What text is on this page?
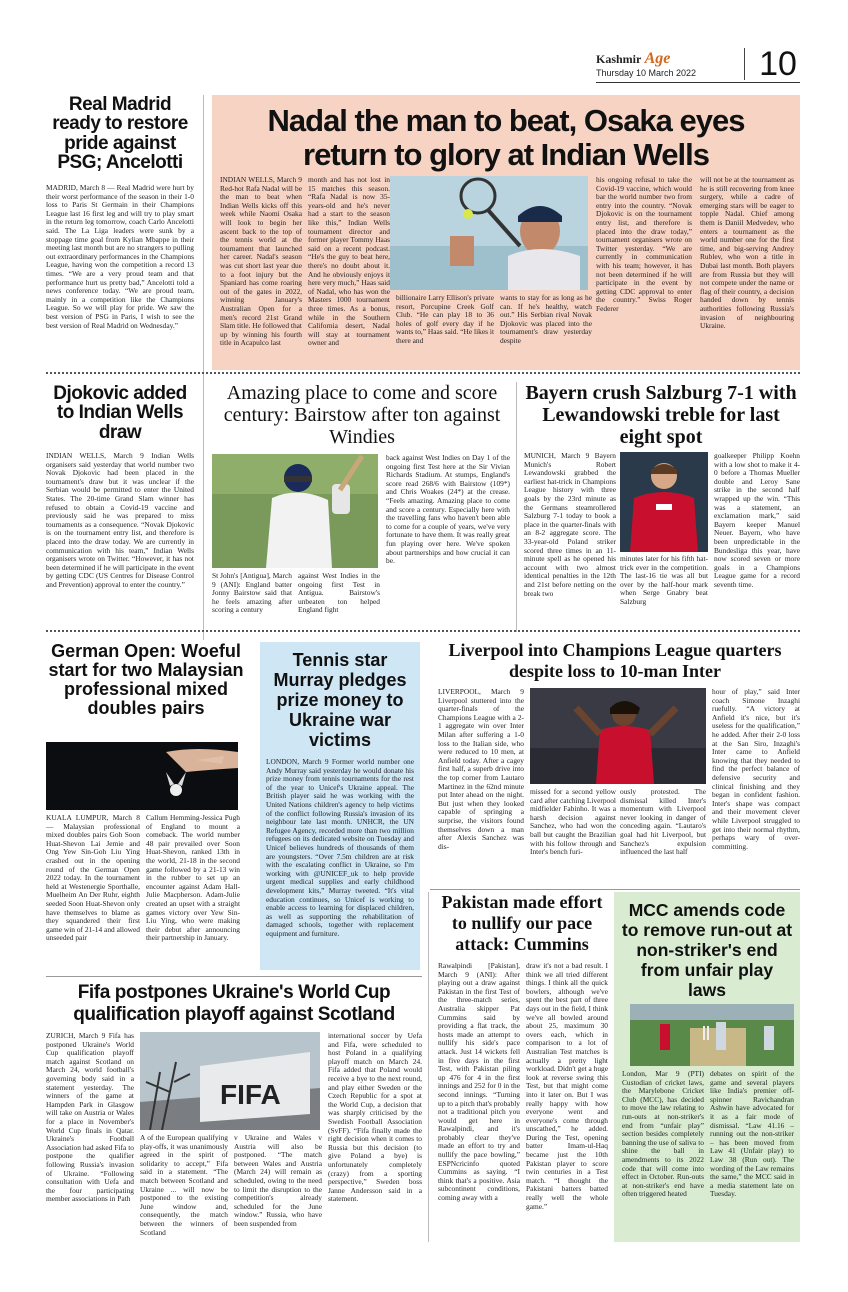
Kashmir Age
Thursday 10 March 2022	10
Real Madrid ready to restore pride against PSG; Ancelotti
MADRID, March 8 — Real Madrid were hurt by their worst performance of the season in their 1-0 loss to Paris St Germain in their Champions League last 16 first leg and will try to play smart in the return leg tomorrow, coach Carlo Ancelotti said. The La Liga leaders were sunk by a stoppage time goal from Kylian Mbappe in their meeting last month but are no strangers to pulling out extraordinary performances in the Champions League, having won the competition a record 13 times. “We are a very proud team and that performance hurt us pretty bad,” Ancelotti told a news conference today. “We are proud team, mainly in a competition like the Champions League. So we will play for pride. We saw the best version of PSG in Paris, I wish to see the best version of Real Madrid on Wednesday.”
Nadal the man to beat, Osaka eyes return to glory at Indian Wells
INDIAN WELLS, March 9 Red-hot Rafa Nadal will be the man to beat when Indian Wells kicks off this week while Naomi Osaka will look to begin her ascent back to the top of the tennis world at the tournament that launched her career. Nadal's season was cut short last year due to a foot injury but the Spaniard has come roaring out of the gates in 2022, winning January's Australian Open for a men's record 21st Grand Slam title. He followed that up by winning his fourth title in Acapulco last
month and has not lost in 15 matches this season. “Rafa Nadal is now 35-years-old and he's never had a start to the season like this,” Indian Wells tournament director and former player Tommy Haas said on a recent podcast. “He's the guy to beat here, there's no doubt about it. And he obviously enjoys it here very much,” Haas said of Nadal, who has won the Masters 1000 tournament three times. As a bonus, while in the Southern California desert, Nadal will stay at tournament owner and
billionaire Larry Ellison's private resort, Porcupine Creek Golf Club. “He can play 18 to 36 holes of golf every day if he wants to,” Haas said. “He likes it there and
wants to stay for as long as he can. If he's healthy, watch out.” His Serbian rival Novak Djokovic was placed into the tournament's draw yesterday despite
his ongoing refusal to take the Covid-19 vaccine, which would bar the world number two from entry into the country. “Novak Djokovic is on the tournament entry list, and therefore is placed into the draw today,” tournament organisers wrote on Twitter yesterday. “We are currently in communication with his team; however, it has not been determined if he will participate in the event by getting CDC approval to enter the country.” Swiss Roger Federer
will not be at the tournament as he is still recovering from knee surgery, while a cadre of emerging stars will be eager to topple Nadal. Chief among them is Daniil Medvedev, who enters a tournament as the world number one for the first time, and big-serving Andrey Rublev, who won a title in Dubai last month. Both players are from Russia but they will not compete under the name or flag of their country, a decision handed down by tennis authorities following Russia's invasion of neighbouring Ukraine.
Djokovic added to Indian Wells draw
INDIAN WELLS, March 9 Indian Wells organisers said yesterday that world number two Novak Djokovic had been placed in the tournament's draw but it was unclear if the Serbian would be permitted to enter the United States. The 20-time Grand Slam winner has refused to obtain a Covid-19 vaccine and previously said he was prepared to miss tournaments as a consequence. “Novak Djokovic is on the tournament entry list, and therefore is placed into the draw today. We are currently in communication with his team,” Indian Wells organisers wrote on Twitter. “However, it has not been determined if he will participate in the event by getting CDC (US Centres for Disease Control and Prevention) approval to enter the country.”
Amazing place to come and score century: Bairstow after ton against Windies
St John's [Antigua], March 9 (ANI): England batter Jonny Bairstow said that he feels amazing after scoring a century
against West Indies in the ongoing first Test in Antigua. Bairstow's unbeaten ton helped England fight
back against West Indies on Day 1 of the ongoing first Test here at the Sir Vivian Richards Stadium. At stumps, England's score read 268/6 with Bairstow (109*) and Chris Woakes (24*) at the crease. “Feels amazing. Amazing place to come and score a century. Especially here with the travelling fans who haven't been able to come for a couple of years, we've very fortunate to have them. It was really great fun playing over here. We've spoken about partnerships and how crucial it can be.
Bayern crush Salzburg 7-1 with Lewandowski treble for last eight spot
MUNICH, March 9 Bayern Munich's Robert Lewandowski grabbed the earliest hat-trick in Champions League history with three goals by the 23rd minute as the Germans steamrollered Salzburg 7-1 today to book a place in the quarter-finals with an 8-2 aggregate score. The 33-year-old Poland striker scored three times in an 11-minute spell as he opened his account with two almost identical penalties in the 12th and 21st before netting on the break two
minutes later for his fifth hat-trick ever in the competition. The last-16 tie was all but over by the half-hour mark when Serge Gnabry beat Salzburg
goalkeeper Philipp Koehn with a low shot to make it 4-0 before a Thomas Mueller double and Leroy Sane strike in the second half wrapped up the win. “This was a statement, an exclamation mark,” said Bayern keeper Manuel Neuer. Bayern, who have been unpredictable in the Bundesliga this year, have now scored seven or more goals in a Champions League game for a record seventh time.
German Open: Woeful start for two Malaysian professional mixed doubles pairs
KUALA LUMPUR, March 8 — Malaysian professional mixed doubles pairs Goh Soon Huat-Shevon Lai Jemie and Ong Yew Sin-Goh Liu Ying crashed out in the opening round of the German Open 2022 today. In the tournament held at Westenergie Sporthalle, Muelheim An Der Ruhr, eighth seeded Soon Huat-Shevon only have themselves to blame as they squandered their first game win of 21-14 and allowed unseeded pair
Callum Hemming-Jessica Pugh of England to mount a comeback. The world number 48 pair prevailed over Soon Huat-Shevon, ranked 13th in the world, 21-18 in the second game followed by a 21-13 win in the rubber to set up an encounter against Adam Hall-Julie Macpherson. Adam-Julie created an upset with a straight games victory over Yew Sin-Liu Ying, who were making their debut after announcing their partnership in January.
Tennis star Murray pledges prize money to Ukraine war victims
LONDON, March 9 Former world number one Andy Murray said yesterday he would donate his prize money from tennis tournaments for the rest of the year to Unicef's Ukraine appeal. The British player said he was working with the United Nations children's agency to help victims of the conflict following Russia's invasion of its neighbour late last month. UNHCR, the UN Refugee Agency, recorded more than two million refugees on its dedicated website on Tuesday and Unicef believes hundreds of thousands of them are youngsters. “Over 7.5m children are at risk with the escalating conflict in Ukraine, so I'm working with @UNICEF_uk to help provide urgent medical supplies and early childhood development kits,” Murray tweeted. “It's vital education continues, so Unicef is working to enable access to learning for displaced children, as well as supporting the rehabilitation of damaged schools, together with replacement equipment and furniture.
Liverpool into Champions League quarters despite loss to 10-man Inter
LIVERPOOL, March 9 Liverpool stuttered into the quarter-finals of the Champions League with a 2-1 aggregate win over Inter Milan after suffering a 1-0 loss to the Italian side, who were reduced to 10 men, at Anfield today. After a cagey first half, a superb drive into the top corner from Lautaro Martinez in the 62nd minute put Inter ahead on the night. But just when they looked capable of springing a surprise, the visitors found themselves down a man after Alexis Sanchez was dis-
missed for a second yellow card after catching Liverpool midfielder Fabinho. It was a harsh decision against Sanchez, who had won the ball but caught the Brazilian with his follow through and Inter's bench furi-
ously protested. The dismissal killed Inter's momentum with Liverpool never looking in danger of conceding again. “Lautaro's goal had hit Liverpool, but Sanchez's expulsion influenced the last half
hour of play,” said Inter coach Simone Inzaghi ruefully. “A victory at Anfield it's nice, but it's useless for the qualification,” he added. After their 2-0 loss at the San Siro, Inzaghi's Inter came to Anfield knowing that they needed to find the perfect balance of defensive security and clinical finishing and they began in confident fashion. Inter's shape was compact and their movement clever while Liverpool struggled to get into their normal rhythm, perhaps wary of over-committing.
Fifa postpones Ukraine's World Cup qualification playoff against Scotland
ZURICH, March 9 Fifa has postponed Ukraine's World Cup qualification playoff match against Scotland on March 24, world football's governing body said in a statement yesterday. The winners of the game at Hampden Park in Glasgow will take on Austria or Wales for a place in November's World Cup finals in Qatar. Ukraine's Football Association had asked Fifa to postpone the qualifier following Russia's invasion of Ukraine. “Following consultation with Uefa and the four participating member associations in Path
FIFA
A of the European qualifying play-offs, it was unanimously agreed in the spirit of solidarity to accept,” Fifa said in a statement. “The match between Scotland and Ukraine ... will now be postponed to the existing June window and, consequently, the match between the winners of Scotland
v Ukraine and Wales v Austria will also be postponed. “The match between Wales and Austria (March 24) will remain as scheduled, owing to the need to limit the disruption to the competition's already scheduled for the June window.” Russia, who have been suspended from
international soccer by Uefa and Fifa, were scheduled to host Poland in a qualifying playoff match on March 24. Fifa added that Poland would receive a bye to the next round, and play either Sweden or the Czech Republic for a spot at the World Cup, a decision that was sharply criticised by the Swedish Football Association (SvFF). “Fifa finally made the right decision when it comes to Russia but this decision (to give Poland a bye) is unfortunately completely (crazy) from a sporting perspective,” Sweden boss Janne Andersson said in a statement.
Pakistan made effort to nullify our pace attack: Cummins
Rawalpindi [Pakistan], March 9 (ANI): After playing out a draw against Pakistan in the first Test of the three-match series, Australia skipper Pat Cummins said by providing a flat track, the hosts made an attempt to nullify his side's pace attack. Just 14 wickets fell in five days in the first Test, with Pakistan piling up 476 for 4 in the first innings and 252 for 0 in the second innings. “Turning up to a pitch that's probably not a traditional pitch you would get here in Rawalpindi, and it's probably clear they've made an effort to try and nullify the pace bowling,” ESPNcricinfo quoted Cummins as saying. “I think that's a positive. Asia subcontinent conditions, coming away with a
draw it's not a bad result. I think we all tried different things. I think all the quick bowlers, although we've spent the best part of three days out in the field, I think we've all bowled around about 25, maximum 30 overs each, which in comparison to a lot of Australian Test matches is actually a pretty light workload. Didn't get a huge look at reverse swing this Test, but that might come into it later on. But I was really happy with how everyone went and everyone's come through unscathed,” he added. During the Test, opening batter Imam-ul-Haq became just the 10th Pakistan player to score twin centuries in a Test match. “I thought the Pakistani batters batted really well the whole game.”
MCC amends code to remove run-out at non-striker's end from unfair play laws
London, Mar 9 (PTI) Custodian of cricket laws, the Marylebone Cricket Club (MCC), has decided to move the law relating to run-outs at non-striker's end from “unfair play” section besides completely banning the use of saliva to shine the ball in amendments to its 2022 code that will come into effect in October. Run-outs at non-striker's end have often triggered heated
debates on spirit of the game and several players like India's premier off-spinner Ravichandran Ashwin have advocated for it as a fair mode of dismissal. “Law 41.16 – running out the non-striker – has been moved from Law 41 (Unfair play) to Law 38 (Run out). The wording of the Law remains the same,” the MCC said in a media statement late on Tuesday.
